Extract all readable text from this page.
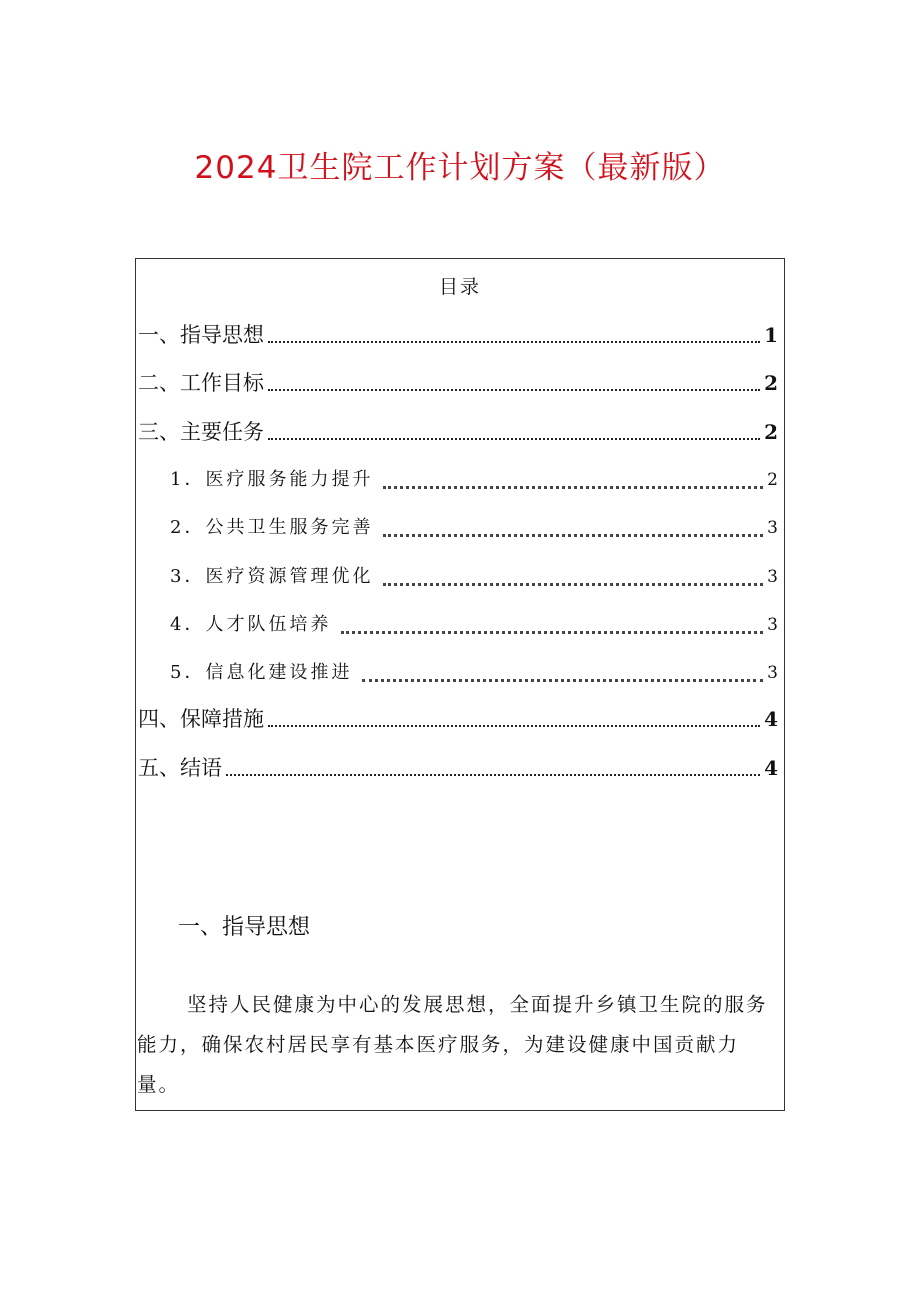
2024卫生院工作计划方案（最新版）
目录
一、指导思想	1
二、工作目标	2
三、主要任务	2
1．医疗服务能力提升	2
2．公共卫生服务完善	3
3．医疗资源管理优化	3
4．人才队伍培养	3
5．信息化建设推进	3
四、保障措施	4
五、结语	4
一、指导思想

坚持人民健康为中心的发展思想，全面提升乡镇卫生院的服务能力，确保农村居民享有基本医疗服务，为建设健康中国贡献力量。
